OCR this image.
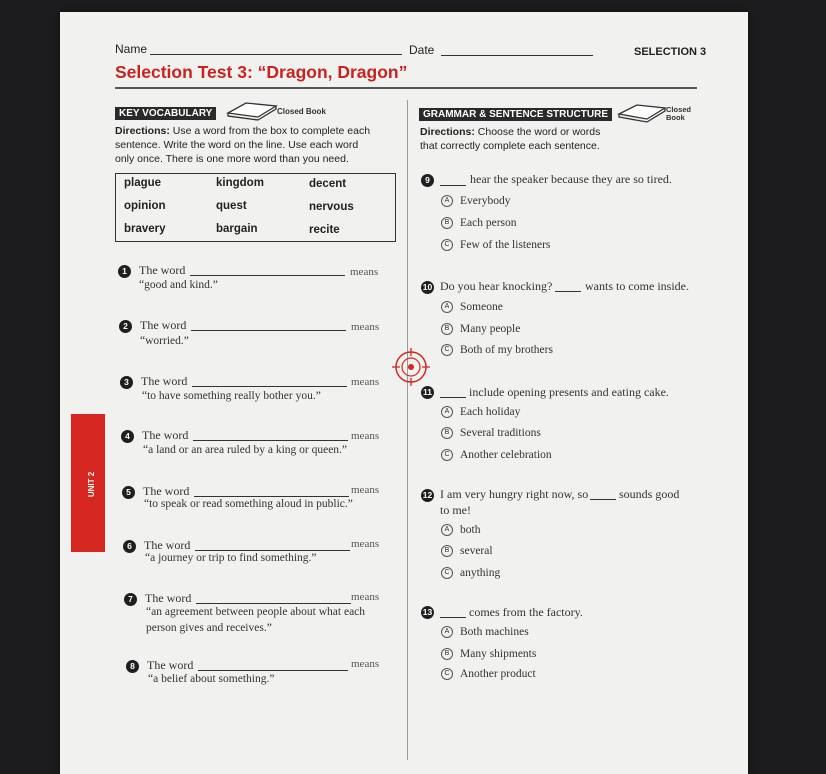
Name	Date	SELECTION 3
Selection Test 3: “Dragon, Dragon”
KEY VOCABULARY	Closed Book
Directions: Use a word from the box to complete each
sentence. Write the word on the line. Use each word
only once. There is one more word than you need.
plague	kingdom	decent
opinion	quest	nervous
bravery	bargain	recite
1	The word	means
“good and kind.”
2	The word	means
“worried.”
3	The word	means
“to have something really bother you.”
4	The word	means
“a land or an area ruled by a king or queen.”
5	The word	means
“to speak or read something aloud in public.”
6	The word	means
“a journey or trip to find something.”
7	The word	means
“an agreement between people about what each
person gives and receives.”
8	The word	means
“a belief about something.”
GRAMMAR & SENTENCE STRUCTURE	Closed
Book
Directions: Choose the word or words
that correctly complete each sentence.
9	hear the speaker because they are so tired.
A Everybody
B Each person
C Few of the listeners
10 Do you hear knocking?	wants to come inside.
A Someone
B Many people
C Both of my brothers
11	include opening presents and eating cake.
A Each holiday
B Several traditions
C Another celebration
12 I am very hungry right now, so	sounds good
to me!
A both
B several
C anything
13	comes from the factory.
A Both machines
B Many shipments
C Another product
UNIT 2
